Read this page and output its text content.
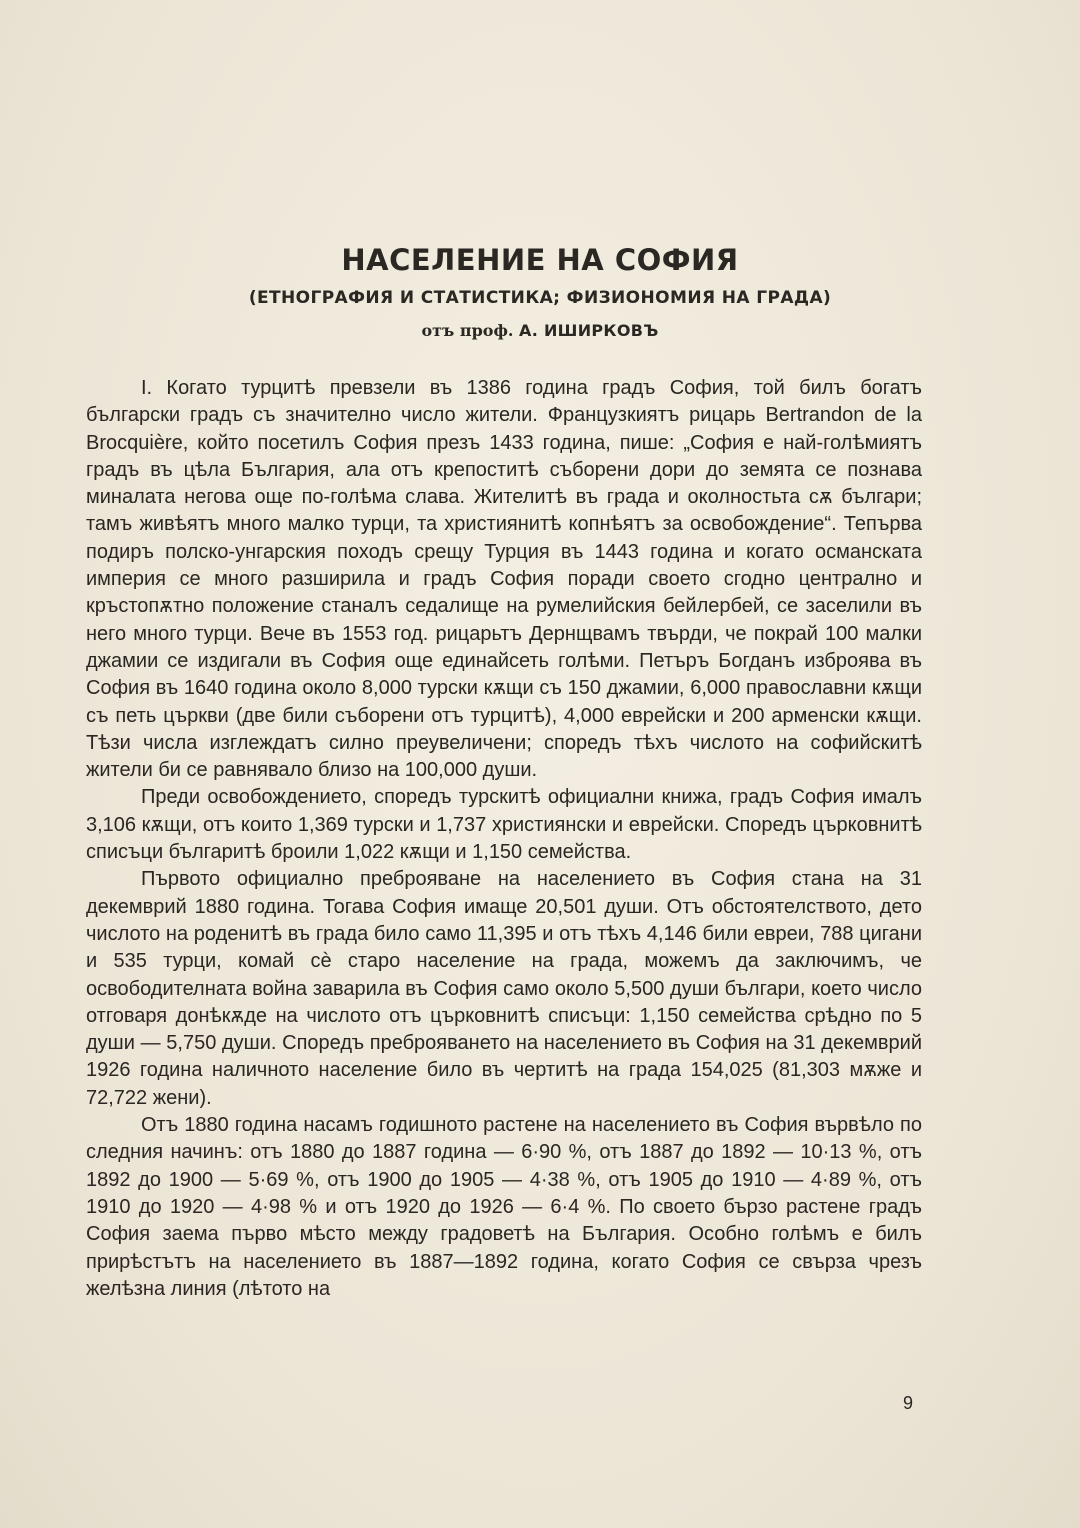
НАСЕЛЕНИЕ НА СОФИЯ
(ЕТНОГРАФИЯ И СТАТИСТИКА; ФИЗИОНОМИЯ НА ГРАДА)
отъ проф. А. ИШИРКОВЪ

I. Когато турцитѣ превзели въ 1386 година градъ София, той билъ богатъ български градъ съ значително число жители. Французкиятъ рицарь Bertrandon de la Brocquière, който посетилъ София презъ 1433 година, пише: „София е най-голѣмиятъ градъ въ цѣла България, ала отъ крепоститѣ съборени дори до земята се познава миналата негова още по-голѣма слава. Жителитѣ въ града и околностьта сѫ българи; тамъ живѣятъ много малко турци, та християнитѣ копнѣятъ за освобождение“. Тепърва подиръ полско-унгарския походъ срещу Турция въ 1443 година и когато османската империя се много разширила и градъ София поради своето сгодно централно и кръстопѫтно положение станалъ седалище на румелийския бейлербей, се заселили въ него много турци. Вече въ 1553 год. рицарьтъ Дернщвамъ твърди, че покрай 100 малки джамии се издигали въ София още единайсеть голѣми. Петъръ Богданъ изброява въ София въ 1640 година около 8,000 турски кѫщи съ 150 джамии, 6,000 православни кѫщи съ петь църкви (две били съборени отъ турцитѣ), 4,000 еврейски и 200 арменски кѫщи. Тѣзи числа изглеждатъ силно преувеличени; споредъ тѣхъ числото на софийскитѣ жители би се равнявало близо на 100,000 души.

Преди освобождението, споредъ турскитѣ официални книжа, градъ София ималъ 3,106 кѫщи, отъ които 1,369 турски и 1,737 християнски и еврейски. Споредъ църковнитѣ списъци българитѣ броили 1,022 кѫщи и 1,150 семейства.

Първото официално преброяване на населението въ София стана на 31 декемврий 1880 година. Тогава София имаще 20,501 души. Отъ обстоятелството, дето числото на роденитѣ въ града било само 11,395 и отъ тѣхъ 4,146 били евреи, 788 цигани и 535 турци, комай сѐ старо население на града, можемъ да заключимъ, че освободителната война заварила въ София само около 5,500 души българи, което число отговаря донѣкѫде на числото отъ църковнитѣ списъци: 1,150 семейства срѣдно по 5 души — 5,750 души. Споредъ преброяването на населението въ София на 31 декемврий 1926 година наличното население било въ чертитѣ на града 154,025 (81,303 мѫже и 72,722 жени).

Отъ 1880 година насамъ годишното растене на населението въ София вървѣло по следния начинъ: отъ 1880 до 1887 година — 6·90 %, отъ 1887 до 1892 — 10·13 %, отъ 1892 до 1900 — 5·69 %, отъ 1900 до 1905 — 4·38 %, отъ 1905 до 1910 — 4·89 %, отъ 1910 до 1920 — 4·98 % и отъ 1920 до 1926 — 6·4 %. По своето бързо растене градъ София заема първо мѣсто между градоветѣ на България. Особно голѣмъ е билъ прирѣстътъ на населението въ 1887—1892 година, когато София се свърза чрезъ желѣзна линия (лѣтото на

9
